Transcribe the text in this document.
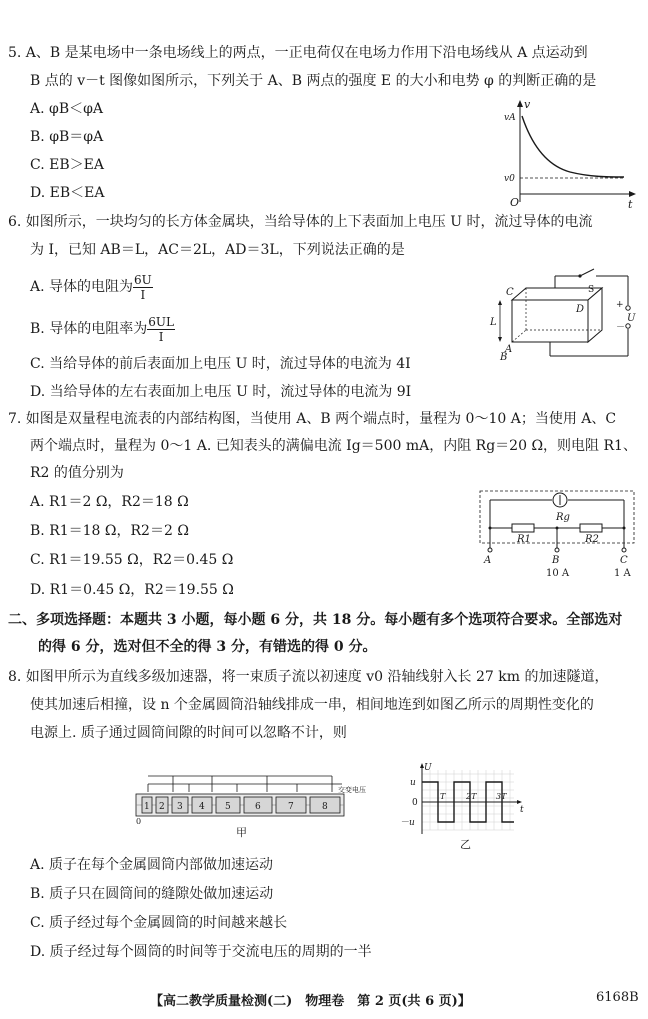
5. A、B 是某电场中一条电场线上的两点，一正电荷仅在电场力作用下沿电场线从 A 点运动到
B 点的 v－t 图像如图所示，下列关于 A、B 两点的强度 E 的大小和电势 φ 的判断正确的是
A. φB＜φA
B. φB＝φA
C. EB＞EA
D. EB＜EA
v
t
O
vA
v0
6. 如图所示，一块均匀的长方体金属块，当给导体的上下表面加上电压 U 时，流过导体的电流
为 I，已知 AB＝L，AC＝2L，AD＝3L，下列说法正确的是
A. 导体的电阻为 $\frac{6U}{I}$
B. 导体的电阻率为 $\frac{6UL}{I}$
C. 当给导体的前后表面加上电压 U 时，流过导体的电流为 4I
D. 当给导体的左右表面加上电压 U 时，流过导体的电流为 9I
C
D
A
B
L
S
+
U
－
7. 如图是双量程电流表的内部结构图，当使用 A、B 两个端点时，量程为 0～10 A；当使用 A、C
两个端点时，量程为 0～1 A. 已知表头的满偏电流 Ig＝500 mA，内阻 Rg＝20 Ω，则电阻 R1、
R2 的值分别为
A. R1＝2 Ω，R2＝18 Ω
B. R1＝18 Ω，R2＝2 Ω
C. R1＝19.55 Ω，R2＝0.45 Ω
D. R1＝0.45 Ω，R2＝19.55 Ω
Rg
R1	R2
A	B	C
10 A	1 A
二、多项选择题：本题共 3 小题，每小题 6 分，共 18 分。每小题有多个选项符合要求。全部选对
的得 6 分，选对但不全的得 3 分，有错选的得 0 分。
8. 如图甲所示为直线多级加速器，将一束质子流以初速度 v0 沿轴线射入长 27 km 的加速隧道，
使其加速后相撞，设 n 个金属圆筒沿轴线排成一串，相间地连到如图乙所示的周期性变化的
电源上. 质子通过圆筒间隙的时间可以忽略不计，则
1 2 3 4 5	6	7	8
0
交变电压
甲
U
u
0
－u
T	2T 3T
t
乙
A. 质子在每个金属圆筒内部做加速运动
B. 质子只在圆筒间的缝隙处做加速运动
C. 质子经过每个金属圆筒的时间越来越长
D. 质子经过每个圆筒的时间等于交流电压的周期的一半
【高二教学质量检测(二)　物理卷　第 2 页(共 6 页)】	6168B
